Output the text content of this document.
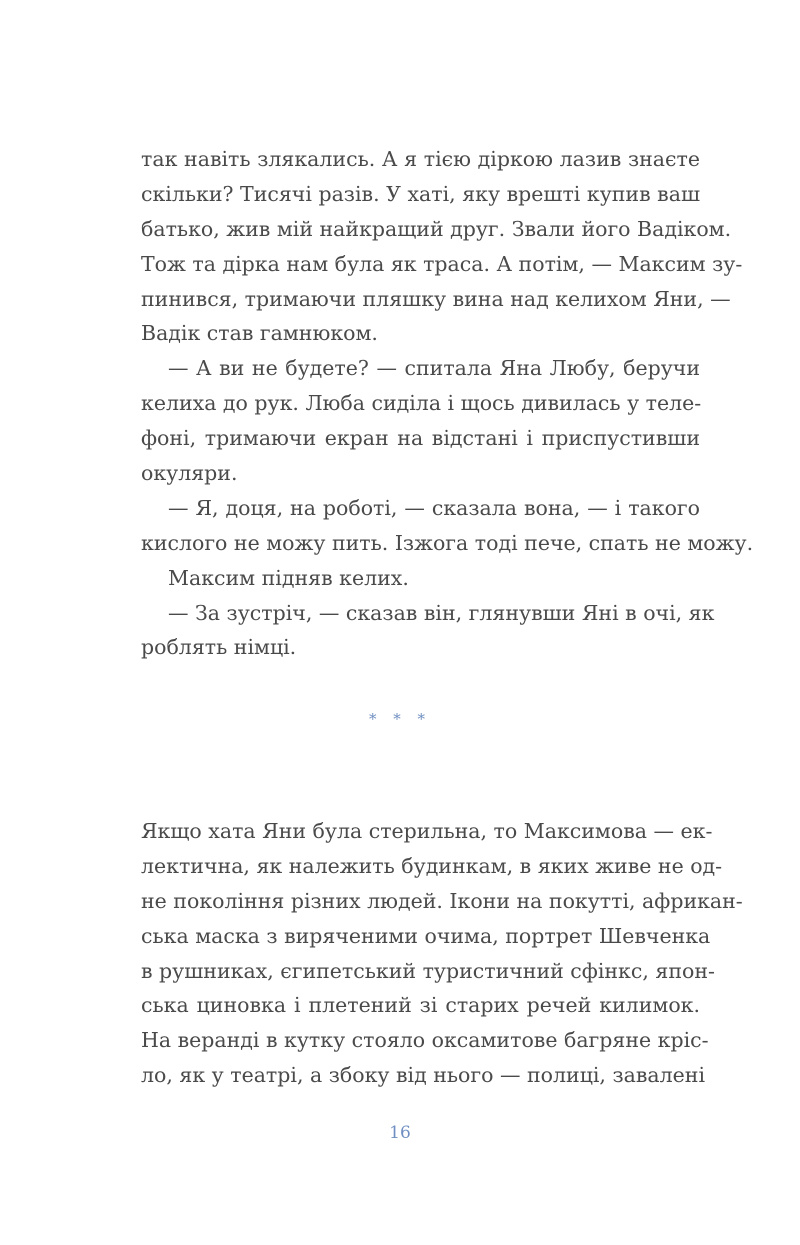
так навіть злякались. А я тією діркою лазив знаєте
скільки? Тисячі разів. У хаті, яку врешті купив ваш
батько, жив мій найкращий друг. Звали його Вадіком.
Тож та дірка нам була як траса. А потім, — Максим зу-
пинився, тримаючи пляшку вина над келихом Яни, —
Вадік став гамнюком.
— А ви не будете? — спитала Яна Любу, беручи
келиха до рук. Люба сиділа і щось дивилась у теле-
фоні, тримаючи екран на відстані і приспустивши
окуляри.
— Я, доця, на роботі, — сказала вона, — і такого
кислого не можу пить. Ізжога тоді пече, спать не можу.
Максим підняв келих.
— За зустріч, — сказав він, глянувши Яні в очі, як
роблять німці.
* * *
Якщо хата Яни була стерильна, то Максимова — ек-
лектична, як належить будинкам, в яких живе не од-
не покоління різних людей. Ікони на покутті, африкан-
ська маска з виряченими очима, портрет Шевченка
в рушниках, єгипетський туристичний сфінкс, япон-
ська циновка і плетений зі старих речей килимок.
На веранді в кутку стояло оксамитове багряне кріс-
ло, як у театрі, а збоку від нього — полиці, завалені
16
